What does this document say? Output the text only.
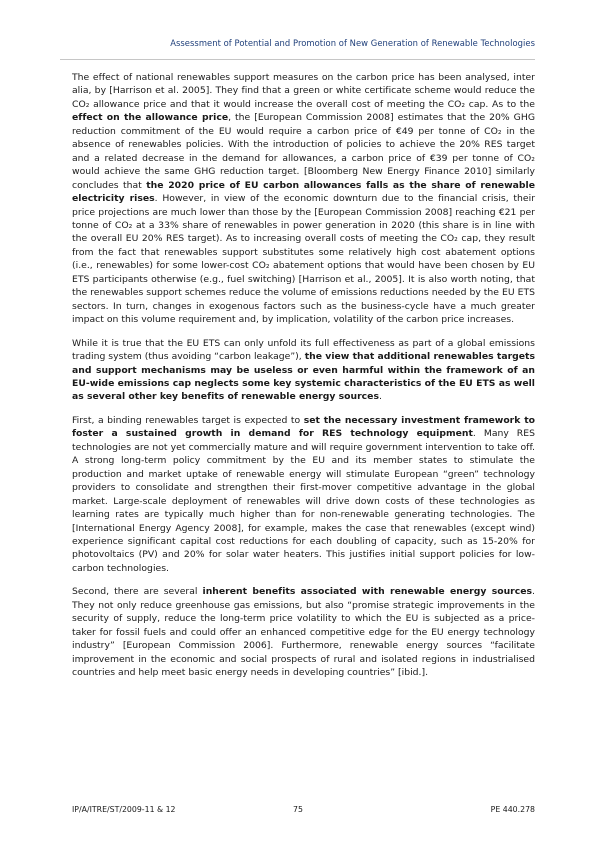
Assessment of Potential and Promotion of New Generation of Renewable Technologies

The effect of national renewables support measures on the carbon price has been analysed, inter alia, by [Harrison et al. 2005]. They find that a green or white certificate scheme would reduce the CO₂ allowance price and that it would increase the overall cost of meeting the CO₂ cap. As to the effect on the allowance price, the [European Commission 2008] estimates that the 20% GHG reduction commitment of the EU would require a carbon price of €49 per tonne of CO₂ in the absence of renewables policies. With the introduction of policies to achieve the 20% RES target and a related decrease in the demand for allowances, a carbon price of €39 per tonne of CO₂ would achieve the same GHG reduction target. [Bloomberg New Energy Finance 2010] similarly concludes that the 2020 price of EU carbon allowances falls as the share of renewable electricity rises. However, in view of the economic downturn due to the financial crisis, their price projections are much lower than those by the [European Commission 2008] reaching €21 per tonne of CO₂ at a 33% share of renewables in power generation in 2020 (this share is in line with the overall EU 20% RES target). As to increasing overall costs of meeting the CO₂ cap, they result from the fact that renewables support substitutes some relatively high cost abatement options (i.e., renewables) for some lower-cost CO₂ abatement options that would have been chosen by EU ETS participants otherwise (e.g., fuel switching) [Harrison et al., 2005]. It is also worth noting, that the renewables support schemes reduce the volume of emissions reductions needed by the EU ETS sectors. In turn, changes in exogenous factors such as the business-cycle have a much greater impact on this volume requirement and, by implication, volatility of the carbon price increases.

While it is true that the EU ETS can only unfold its full effectiveness as part of a global emissions trading system (thus avoiding “carbon leakage”), the view that additional renewables targets and support mechanisms may be useless or even harmful within the framework of an EU-wide emissions cap neglects some key systemic characteristics of the EU ETS as well as several other key benefits of renewable energy sources.

First, a binding renewables target is expected to set the necessary investment framework to foster a sustained growth in demand for RES technology equipment. Many RES technologies are not yet commercially mature and will require government intervention to take off. A strong long-term policy commitment by the EU and its member states to stimulate the production and market uptake of renewable energy will stimulate European “green” technology providers to consolidate and strengthen their first-mover competitive advantage in the global market. Large-scale deployment of renewables will drive down costs of these technologies as learning rates are typically much higher than for non-renewable generating technologies. The [International Energy Agency 2008], for example, makes the case that renewables (except wind) experience significant capital cost reductions for each doubling of capacity, such as 15-20% for photovoltaics (PV) and 20% for solar water heaters. This justifies initial support policies for low-carbon technologies.

Second, there are several inherent benefits associated with renewable energy sources. They not only reduce greenhouse gas emissions, but also “promise strategic improvements in the security of supply, reduce the long-term price volatility to which the EU is subjected as a price-taker for fossil fuels and could offer an enhanced competitive edge for the EU energy technology industry” [European Commission 2006]. Furthermore, renewable energy sources “facilitate improvement in the economic and social prospects of rural and isolated regions in industrialised countries and help meet basic energy needs in developing countries” [ibid.].

IP/A/ITRE/ST/2009-11 & 12	75	PE 440.278
